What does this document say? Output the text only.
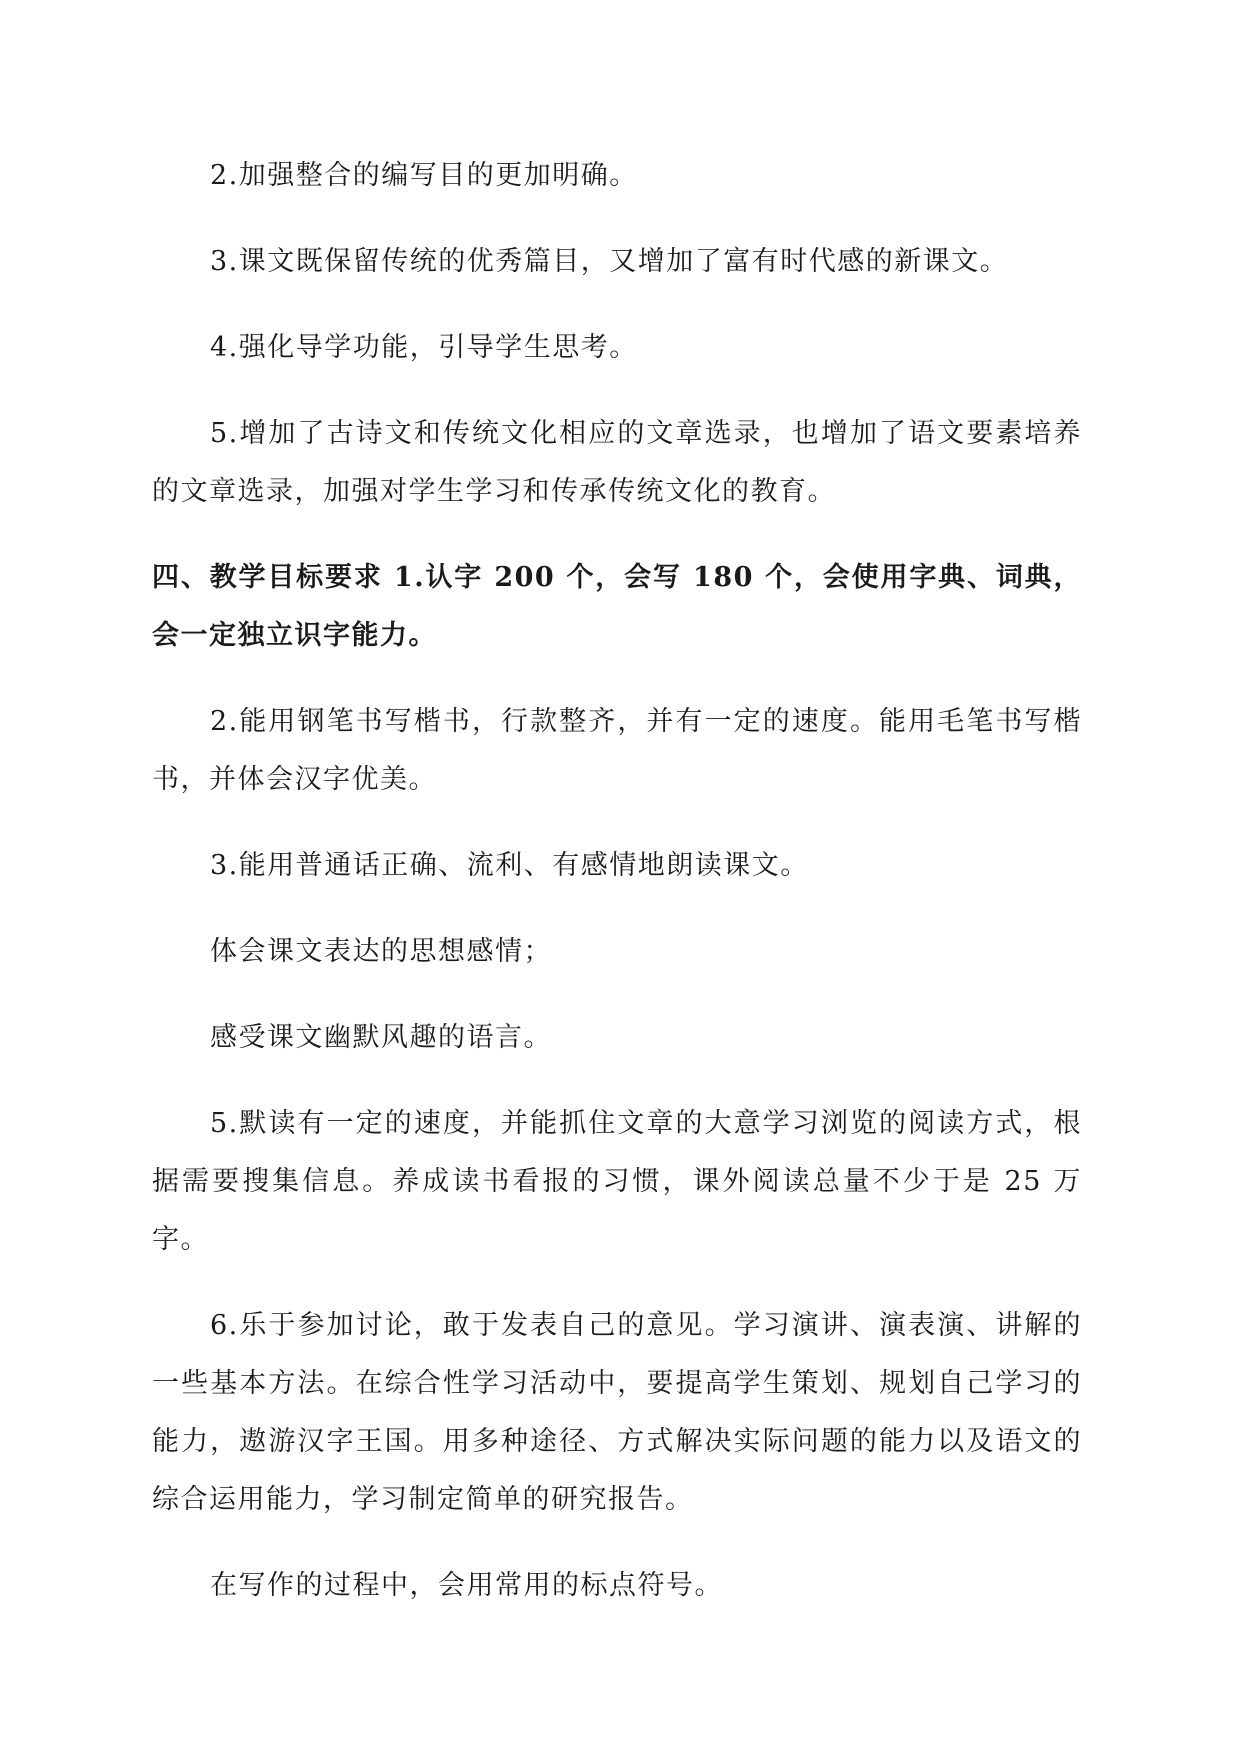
2.加强整合的编写目的更加明确。

3.课文既保留传统的优秀篇目，又增加了富有时代感的新课文。

4.强化导学功能，引导学生思考。

5.增加了古诗文和传统文化相应的文章选录，也增加了语文要素培养的文章选录，加强对学生学习和传承传统文化的教育。

四、教学目标要求 1.认字 200 个，会写 180 个，会使用字典、词典，会一定独立识字能力。

2.能用钢笔书写楷书，行款整齐，并有一定的速度。能用毛笔书写楷书，并体会汉字优美。

3.能用普通话正确、流利、有感情地朗读课文。

体会课文表达的思想感情；

感受课文幽默风趣的语言。

5.默读有一定的速度，并能抓住文章的大意学习浏览的阅读方式，根据需要搜集信息。养成读书看报的习惯，课外阅读总量不少于是 25 万字。

6.乐于参加讨论，敢于发表自己的意见。学习演讲、演表演、讲解的一些基本方法。在综合性学习活动中，要提高学生策划、规划自己学习的能力，遨游汉字王国。用多种途径、方式解决实际问题的能力以及语文的综合运用能力，学习制定简单的研究报告。

在写作的过程中，会用常用的标点符号。
